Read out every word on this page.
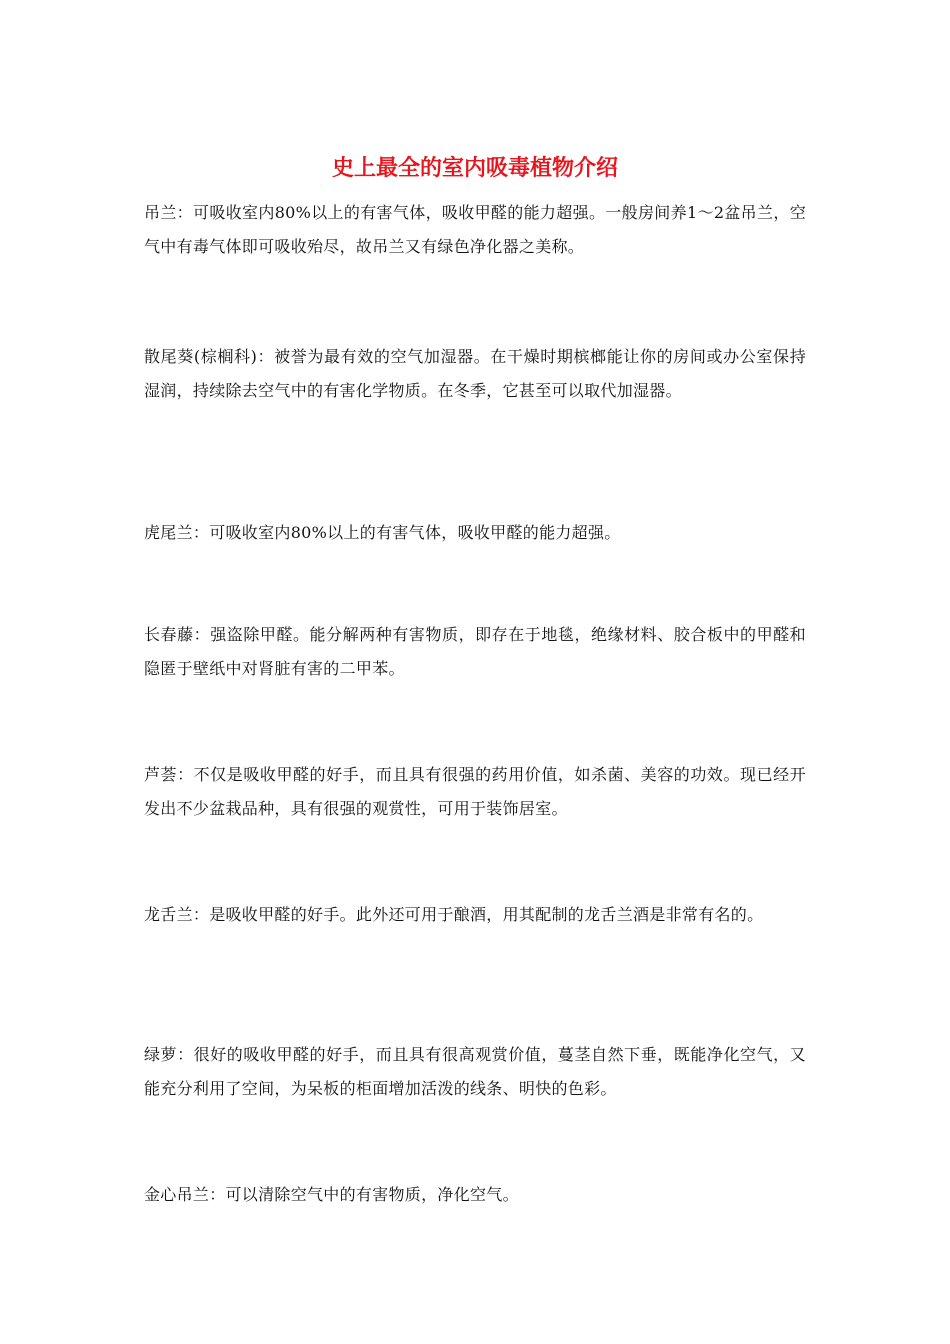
史上最全的室内吸毒植物介绍

吊兰：可吸收室内80%以上的有害气体，吸收甲醛的能力超强。一般房间养1～2盆吊兰，空气中有毒气体即可吸收殆尽，故吊兰又有绿色净化器之美称。

散尾葵(棕榈科)：被誉为最有效的空气加湿器。在干燥时期槟榔能让你的房间或办公室保持湿润，持续除去空气中的有害化学物质。在冬季，它甚至可以取代加湿器。

虎尾兰：可吸收室内80%以上的有害气体，吸收甲醛的能力超强。

长春藤：强盗除甲醛。能分解两种有害物质，即存在于地毯，绝缘材料、胶合板中的甲醛和隐匿于壁纸中对肾脏有害的二甲苯。

芦荟：不仅是吸收甲醛的好手，而且具有很强的药用价值，如杀菌、美容的功效。现已经开发出不少盆栽品种，具有很强的观赏性，可用于装饰居室。

龙舌兰：是吸收甲醛的好手。此外还可用于酿酒，用其配制的龙舌兰酒是非常有名的。

绿萝：很好的吸收甲醛的好手，而且具有很高观赏价值，蔓茎自然下垂，既能净化空气，又能充分利用了空间，为呆板的柜面增加活泼的线条、明快的色彩。

金心吊兰：可以清除空气中的有害物质，净化空气。
